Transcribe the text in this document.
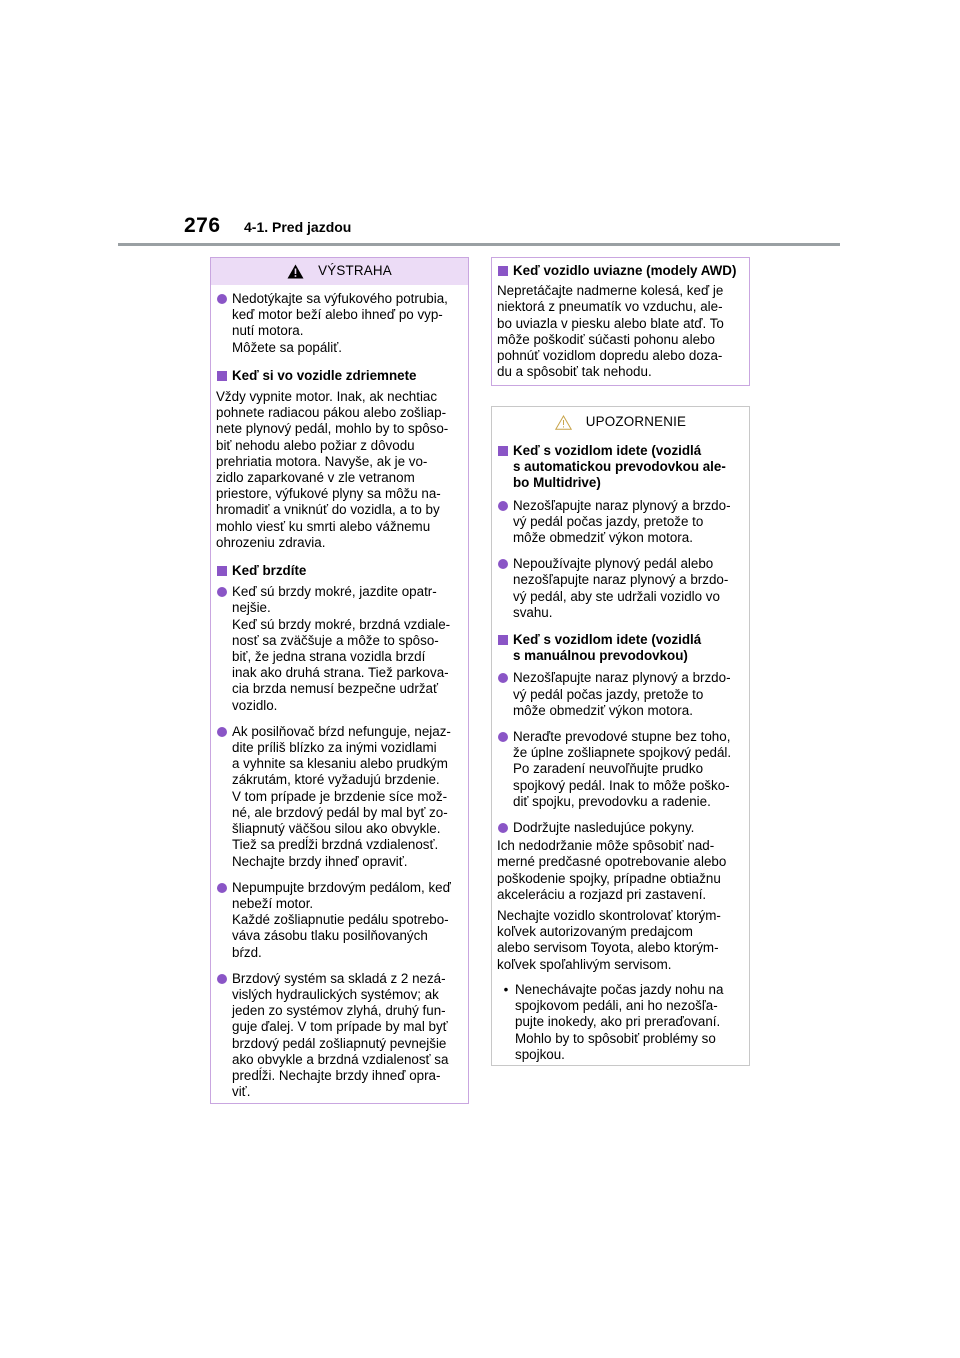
276 4-1. Pred jazdou
VÝSTRAHA
Nedotýkajte sa výfukového potrubia,
keď motor beží alebo ihneď po vyp-
nutí motora.
Môžete sa popáliť.
Keď si vo vozidle zdriemnete
Vždy vypnite motor. Inak, ak nechtiac
pohnete radiacou pákou alebo zošliap-
nete plynový pedál, mohlo by to spôso-
biť nehodu alebo požiar z dôvodu
prehriatia motora. Navyše, ak je vo-
zidlo zaparkované v zle vetranom
priestore, výfukové plyny sa môžu na-
hromadiť a vniknúť do vozidla, a to by
mohlo viesť ku smrti alebo vážnemu
ohrozeniu zdravia.
Keď brzdíte
Keď sú brzdy mokré, jazdite opatr-
nejšie.
Keď sú brzdy mokré, brzdná vzdiale-
nosť sa zväčšuje a môže to spôso-
biť, že jedna strana vozidla brzdí
inak ako druhá strana. Tiež parkova-
cia brzda nemusí bezpečne udržať
vozidlo.
Ak posilňovač bŕzd nefunguje, nejaz-
dite príliš blízko za inými vozidlami
a vyhnite sa klesaniu alebo prudkým
zákrutám, ktoré vyžadujú brzdenie.
V tom prípade je brzdenie síce mož-
né, ale brzdový pedál by mal byť zo-
šliapnutý väčšou silou ako obvykle.
Tiež sa predĺži brzdná vzdialenosť.
Nechajte brzdy ihneď opraviť.
Nepumpujte brzdovým pedálom, keď
nebeží motor.
Každé zošliapnutie pedálu spotrebo-
váva zásobu tlaku posilňovaných
bŕzd.
Brzdový systém sa skladá z 2 nezá-
vislých hydraulických systémov; ak
jeden zo systémov zlyhá, druhý fun-
guje ďalej. V tom prípade by mal byť
brzdový pedál zošliapnutý pevnejšie
ako obvykle a brzdná vzdialenosť sa
predĺži. Nechajte brzdy ihneď opra-
viť.
Keď vozidlo uviazne (modely AWD)
Nepretáčajte nadmerne kolesá, keď je
niektorá z pneumatík vo vzduchu, ale-
bo uviazla v piesku alebo blate atď. To
môže poškodiť súčasti pohonu alebo
pohnúť vozidlom dopredu alebo doza-
du a spôsobiť tak nehodu.
UPOZORNENIE
Keď s vozidlom idete (vozidlá
s automatickou prevodovkou ale-
bo Multidrive)
Nezošľapujte naraz plynový a brzdo-
vý pedál počas jazdy, pretože to
môže obmedziť výkon motora.
Nepoužívajte plynový pedál alebo
nezošľapujte naraz plynový a brzdo-
vý pedál, aby ste udržali vozidlo vo
svahu.
Keď s vozidlom idete (vozidlá
s manuálnou prevodovkou)
Nezošľapujte naraz plynový a brzdo-
vý pedál počas jazdy, pretože to
môže obmedziť výkon motora.
Neraďte prevodové stupne bez toho,
že úplne zošliapnete spojkový pedál.
Po zaradení neuvoľňujte prudko
spojkový pedál. Inak to môže poško-
diť spojku, prevodovku a radenie.
Dodržujte nasledujúce pokyny.
Ich nedodržanie môže spôsobiť nad-
merné predčasné opotrebovanie alebo
poškodenie spojky, prípadne obtiažnu
akceleráciu a rozjazd pri zastavení.
Nechajte vozidlo skontrolovať ktorým-
koľvek autorizovaným predajcom
alebo servisom Toyota, alebo ktorým-
koľvek spoľahlivým servisom.
• Nenechávajte počas jazdy nohu na
spojkovom pedáli, ani ho nezošľa-
pujte inokedy, ako pri preraďovaní.
Mohlo by to spôsobiť problémy so
spojkou.
